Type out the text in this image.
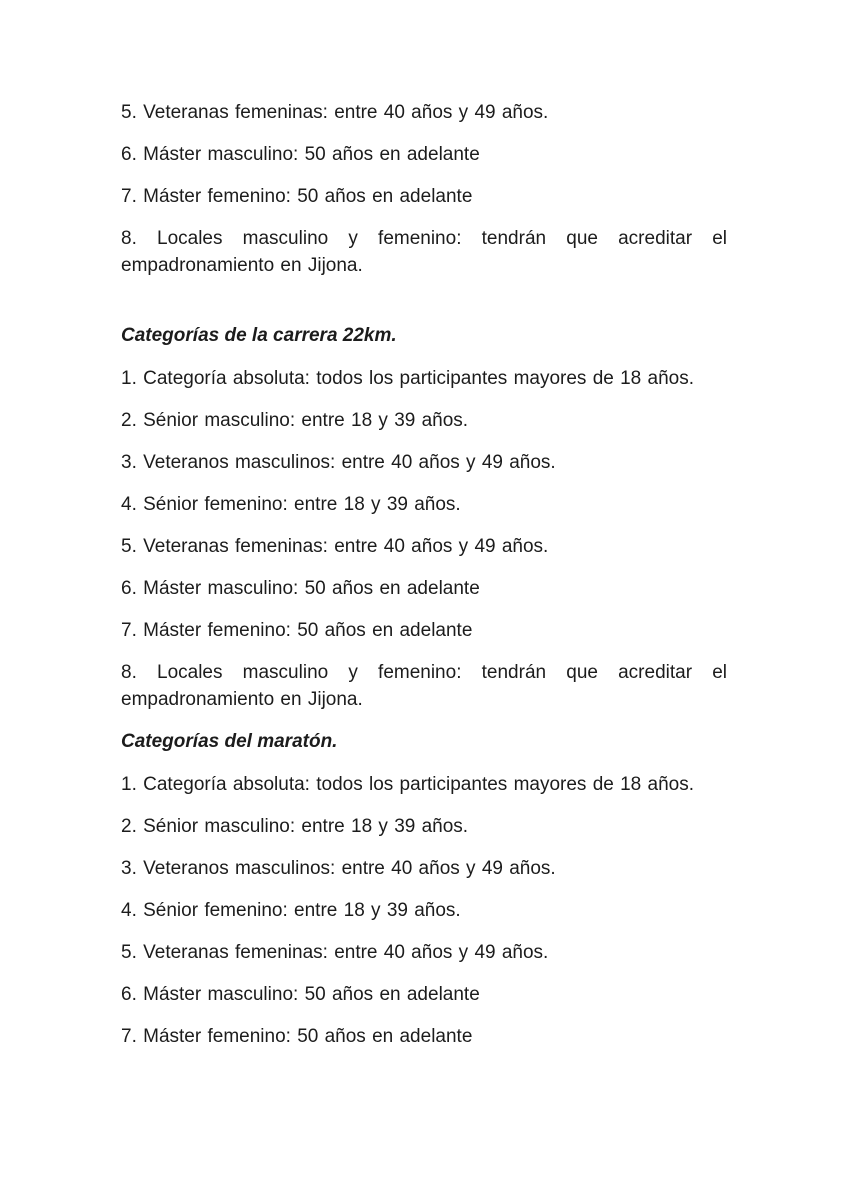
5. Veteranas femeninas: entre 40 años y 49 años.

6. Máster masculino: 50 años en adelante

7. Máster femenino: 50 años en adelante

8. Locales masculino y femenino: tendrán que acreditar el empadronamiento en Jijona.

Categorías de la carrera 22km.

1. Categoría absoluta: todos los participantes mayores de 18 años.

2. Sénior masculino: entre 18 y 39 años.

3. Veteranos masculinos: entre 40 años y 49 años.

4. Sénior femenino: entre 18 y 39 años.

5. Veteranas femeninas: entre 40 años y 49 años.

6. Máster masculino: 50 años en adelante

7. Máster femenino: 50 años en adelante

8. Locales masculino y femenino: tendrán que acreditar el empadronamiento en Jijona.

Categorías del maratón.

1. Categoría absoluta: todos los participantes mayores de 18 años.

2. Sénior masculino: entre 18 y 39 años.

3. Veteranos masculinos: entre 40 años y 49 años.

4. Sénior femenino: entre 18 y 39 años.

5. Veteranas femeninas: entre 40 años y 49 años.

6. Máster masculino: 50 años en adelante

7. Máster femenino: 50 años en adelante
